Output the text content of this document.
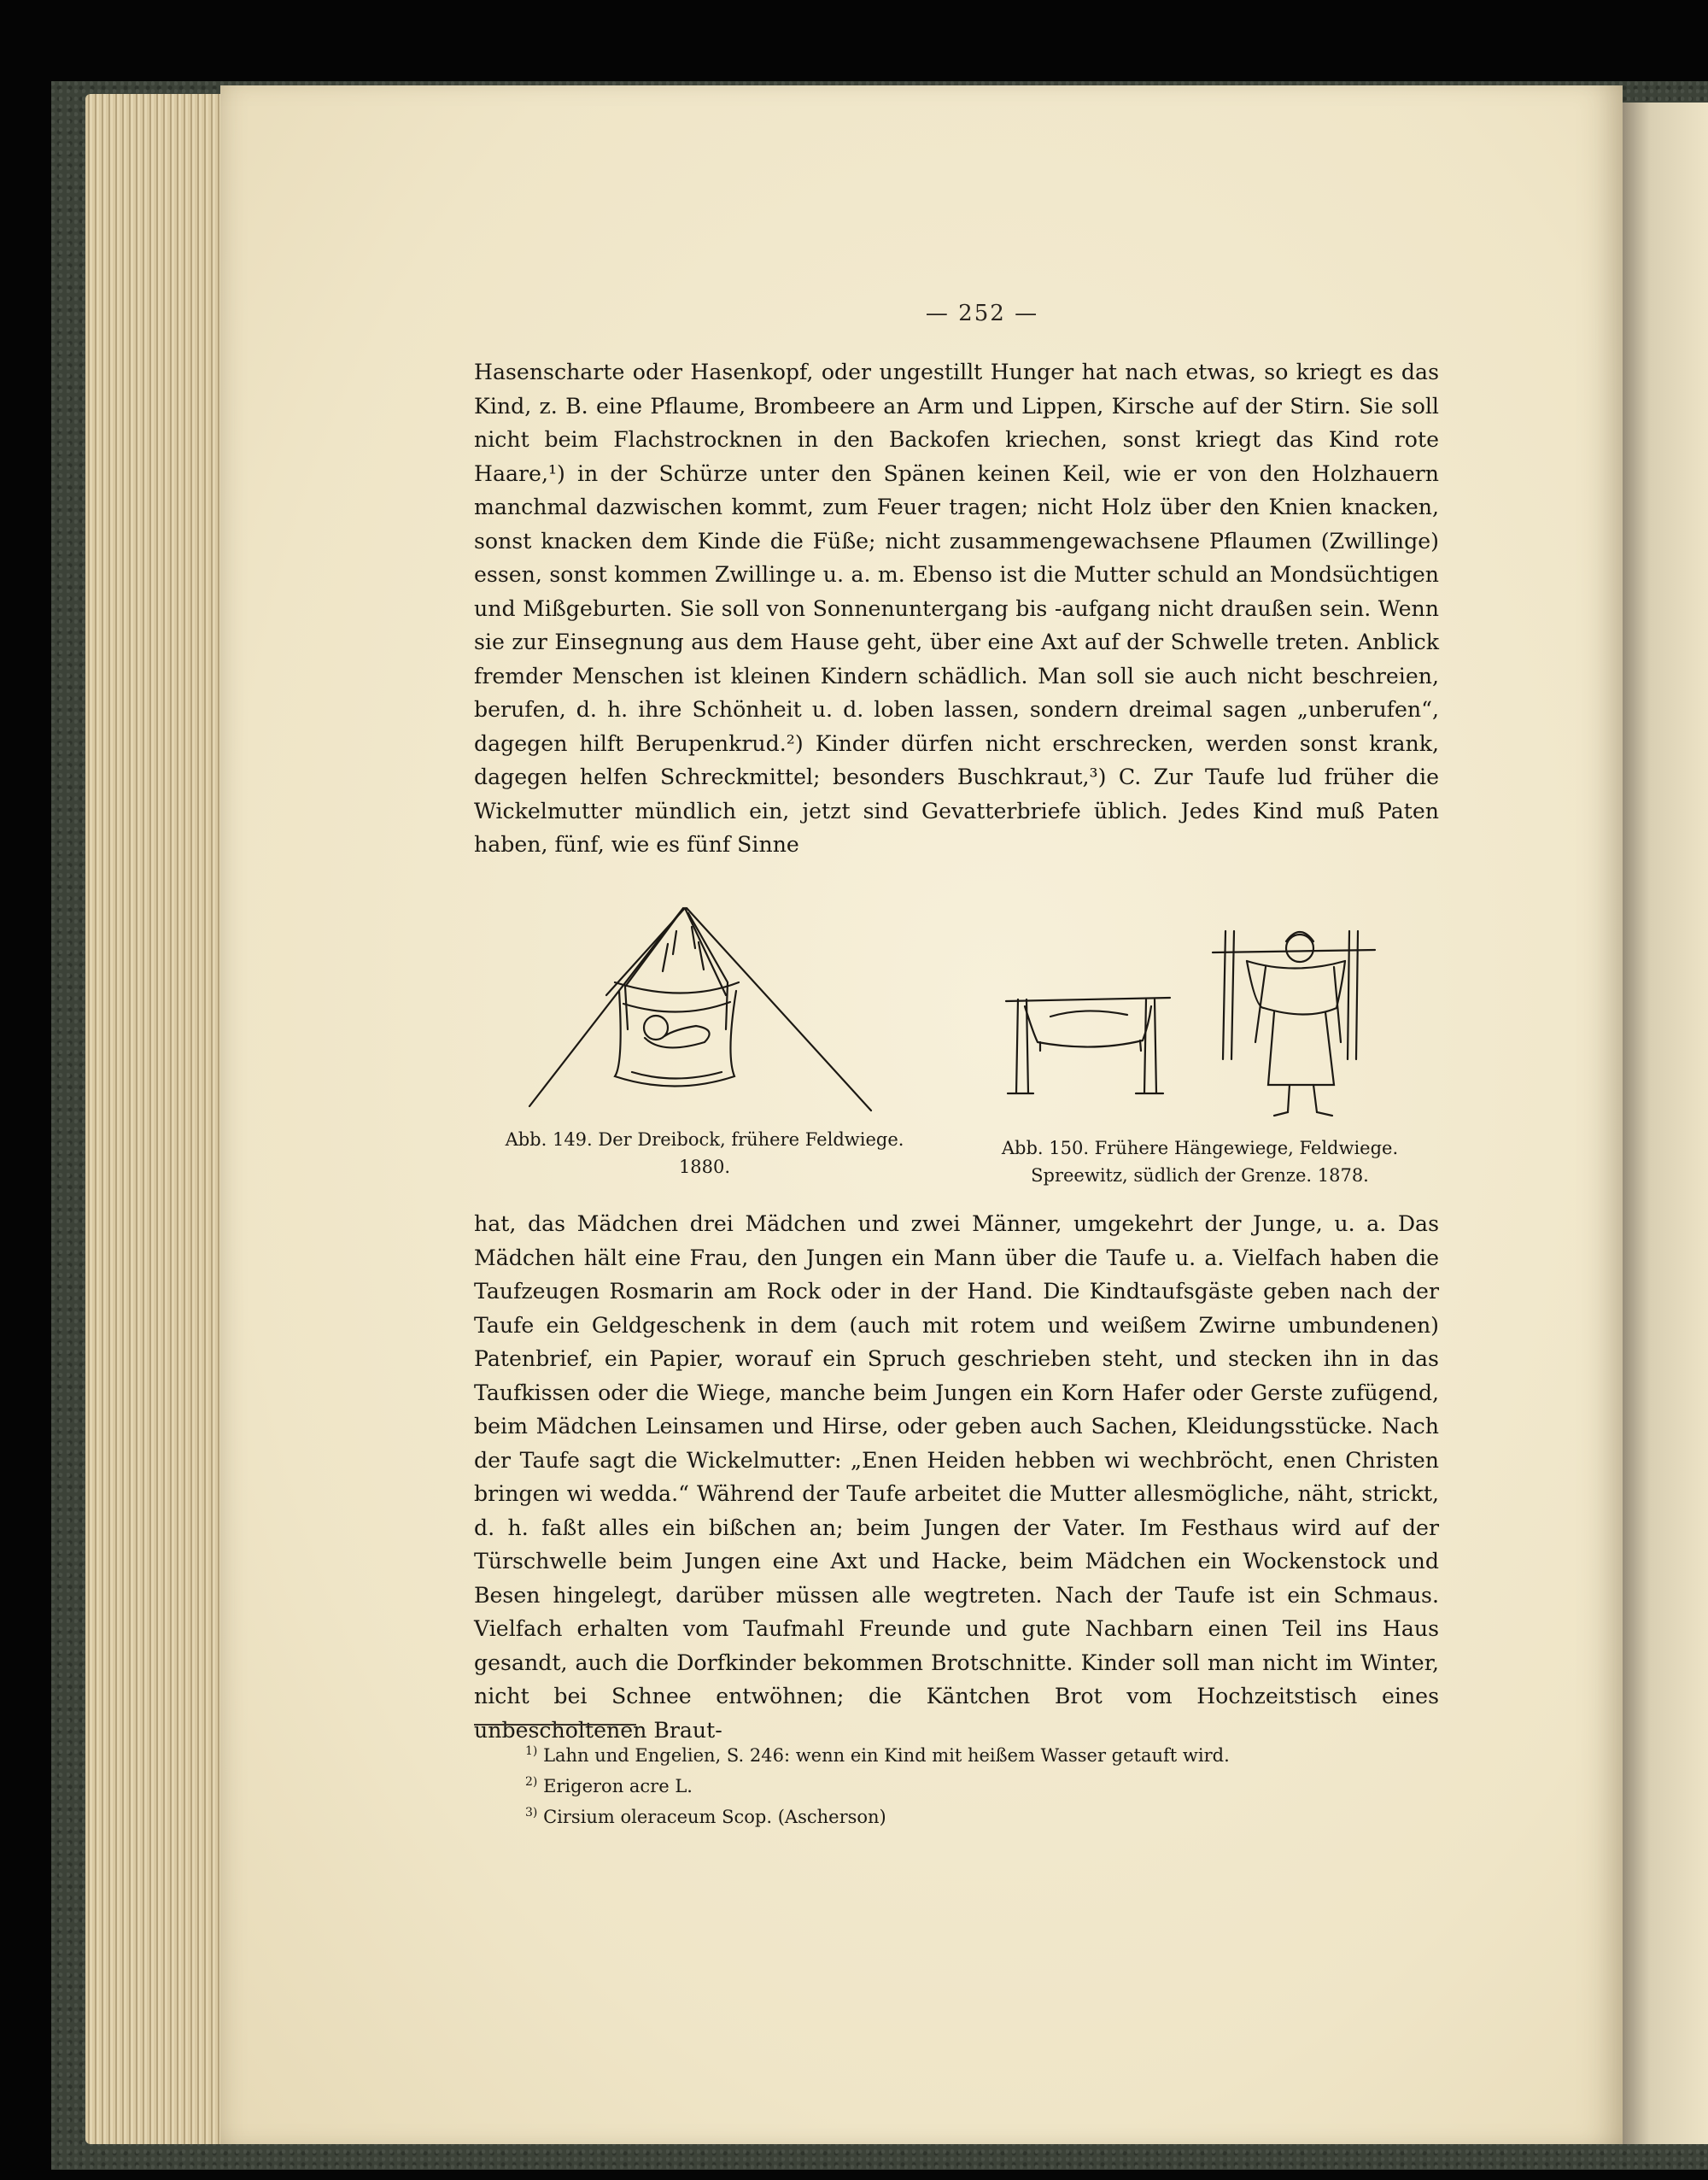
— 252 —

Hasenscharte oder Hasenkopf, oder ungestillt Hunger hat nach etwas, so kriegt es das Kind, z. B. eine Pflaume, Brombeere an Arm und Lippen, Kirsche auf der Stirn. Sie soll nicht beim Flachstrocknen in den Backofen kriechen, sonst kriegt das Kind rote Haare,¹) in der Schürze unter den Spänen keinen Keil, wie er von den Holzhauern manchmal dazwischen kommt, zum Feuer tragen; nicht Holz über den Knien knacken, sonst knacken dem Kinde die Füße; nicht zusammengewachsene Pflaumen (Zwillinge) essen, sonst kommen Zwillinge u. a. m. Ebenso ist die Mutter schuld an Mondsüchtigen und Mißgeburten. Sie soll von Sonnenuntergang bis -aufgang nicht draußen sein. Wenn sie zur Einsegnung aus dem Hause geht, über eine Axt auf der Schwelle treten. Anblick fremder Menschen ist kleinen Kindern schädlich. Man soll sie auch nicht beschreien, berufen, d. h. ihre Schönheit u. d. loben lassen, sondern dreimal sagen „unberufen“, dagegen hilft Berupenkrud.²) Kinder dürfen nicht erschrecken, werden sonst krank, dagegen helfen Schreckmittel; besonders Buschkraut,³) C. Zur Taufe lud früher die Wickelmutter mündlich ein, jetzt sind Gevatterbriefe üblich. Jedes Kind muß Paten haben, fünf, wie es fünf Sinne

Abb. 149. Der Dreibock, frühere Feldwiege. 1880.
Abb. 150. Frühere Hängewiege, Feldwiege. Spreewitz, südlich der Grenze. 1878.

hat, das Mädchen drei Mädchen und zwei Männer, umgekehrt der Junge, u. a. Das Mädchen hält eine Frau, den Jungen ein Mann über die Taufe u. a. Vielfach haben die Taufzeugen Rosmarin am Rock oder in der Hand. Die Kindtaufsgäste geben nach der Taufe ein Geldgeschenk in dem (auch mit rotem und weißem Zwirne umbundenen) Patenbrief, ein Papier, worauf ein Spruch geschrieben steht, und stecken ihn in das Taufkissen oder die Wiege, manche beim Jungen ein Korn Hafer oder Gerste zufügend, beim Mädchen Leinsamen und Hirse, oder geben auch Sachen, Kleidungsstücke. Nach der Taufe sagt die Wickelmutter: „Enen Heiden hebben wi wechbröcht, enen Christen bringen wi wedda.“ Während der Taufe arbeitet die Mutter allesmögliche, näht, strickt, d. h. faßt alles ein bißchen an; beim Jungen der Vater. Im Festhaus wird auf der Türschwelle beim Jungen eine Axt und Hacke, beim Mädchen ein Wockenstock und Besen hingelegt, darüber müssen alle wegtreten. Nach der Taufe ist ein Schmaus. Vielfach erhalten vom Taufmahl Freunde und gute Nachbarn einen Teil ins Haus gesandt, auch die Dorfkinder bekommen Brotschnitte. Kinder soll man nicht im Winter, nicht bei Schnee entwöhnen; die Käntchen Brot vom Hochzeitstisch eines unbescholtenen Braut-

$^{1)}$ Lahn und Engelien, S. 246: wenn ein Kind mit heißem Wasser getauft wird.

$^{2)}$ Erigeron acre L.

$^{3)}$ Cirsium oleraceum Scop. (Ascherson)
